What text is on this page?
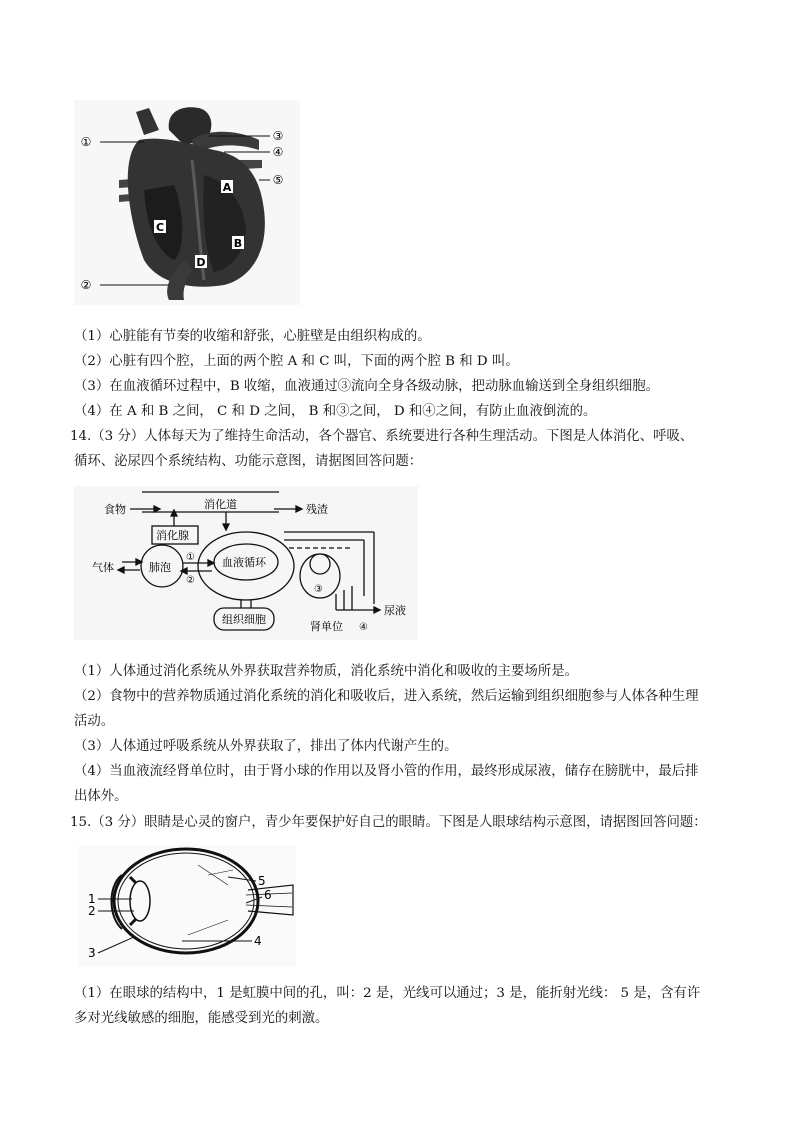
A
B
C
D
①
②
③
④
⑤
（1）心脏能有节奏的收缩和舒张，心脏壁是由组织构成的。
（2）心脏有四个腔，上面的两个腔 A 和 C 叫，下面的两个腔 B 和 D 叫。
（3）在血液循环过程中，B 收缩，血液通过③流向全身各级动脉，把动脉血输送到全身组织细胞。
（4）在 A 和 B 之间， C 和 D 之间， B 和③之间， D 和④之间，有防止血液倒流的。
14.（3 分）人体每天为了维持生命活动，各个器官、系统要进行各种生理活动。下图是人体消化、呼吸、
循环、泌尿四个系统结构、功能示意图，请据图回答问题：
食物	消化道	残渣
消化腺
气体	肺泡	血液循环
组织细胞
尿液
肾单位
①
②
③
④
（1）人体通过消化系统从外界获取营养物质，消化系统中消化和吸收的主要场所是。
（2）食物中的营养物质通过消化系统的消化和吸收后，进入系统，然后运输到组织细胞参与人体各种生理
活动。
（3）人体通过呼吸系统从外界获取了，排出了体内代谢产生的。
（4）当血液流经肾单位时，由于肾小球的作用以及肾小管的作用，最终形成尿液，储存在膀胱中，最后排
出体外。
15.（3 分）眼睛是心灵的窗户，青少年要保护好自己的眼睛。下图是人眼球结构示意图，请据图回答问题：
1
2
3
4
5
6
（1）在眼球的结构中，1 是虹膜中间的孔，叫：2 是，光线可以通过；3 是，能折射光线： 5 是，含有许
多对光线敏感的细胞，能感受到光的刺激。
